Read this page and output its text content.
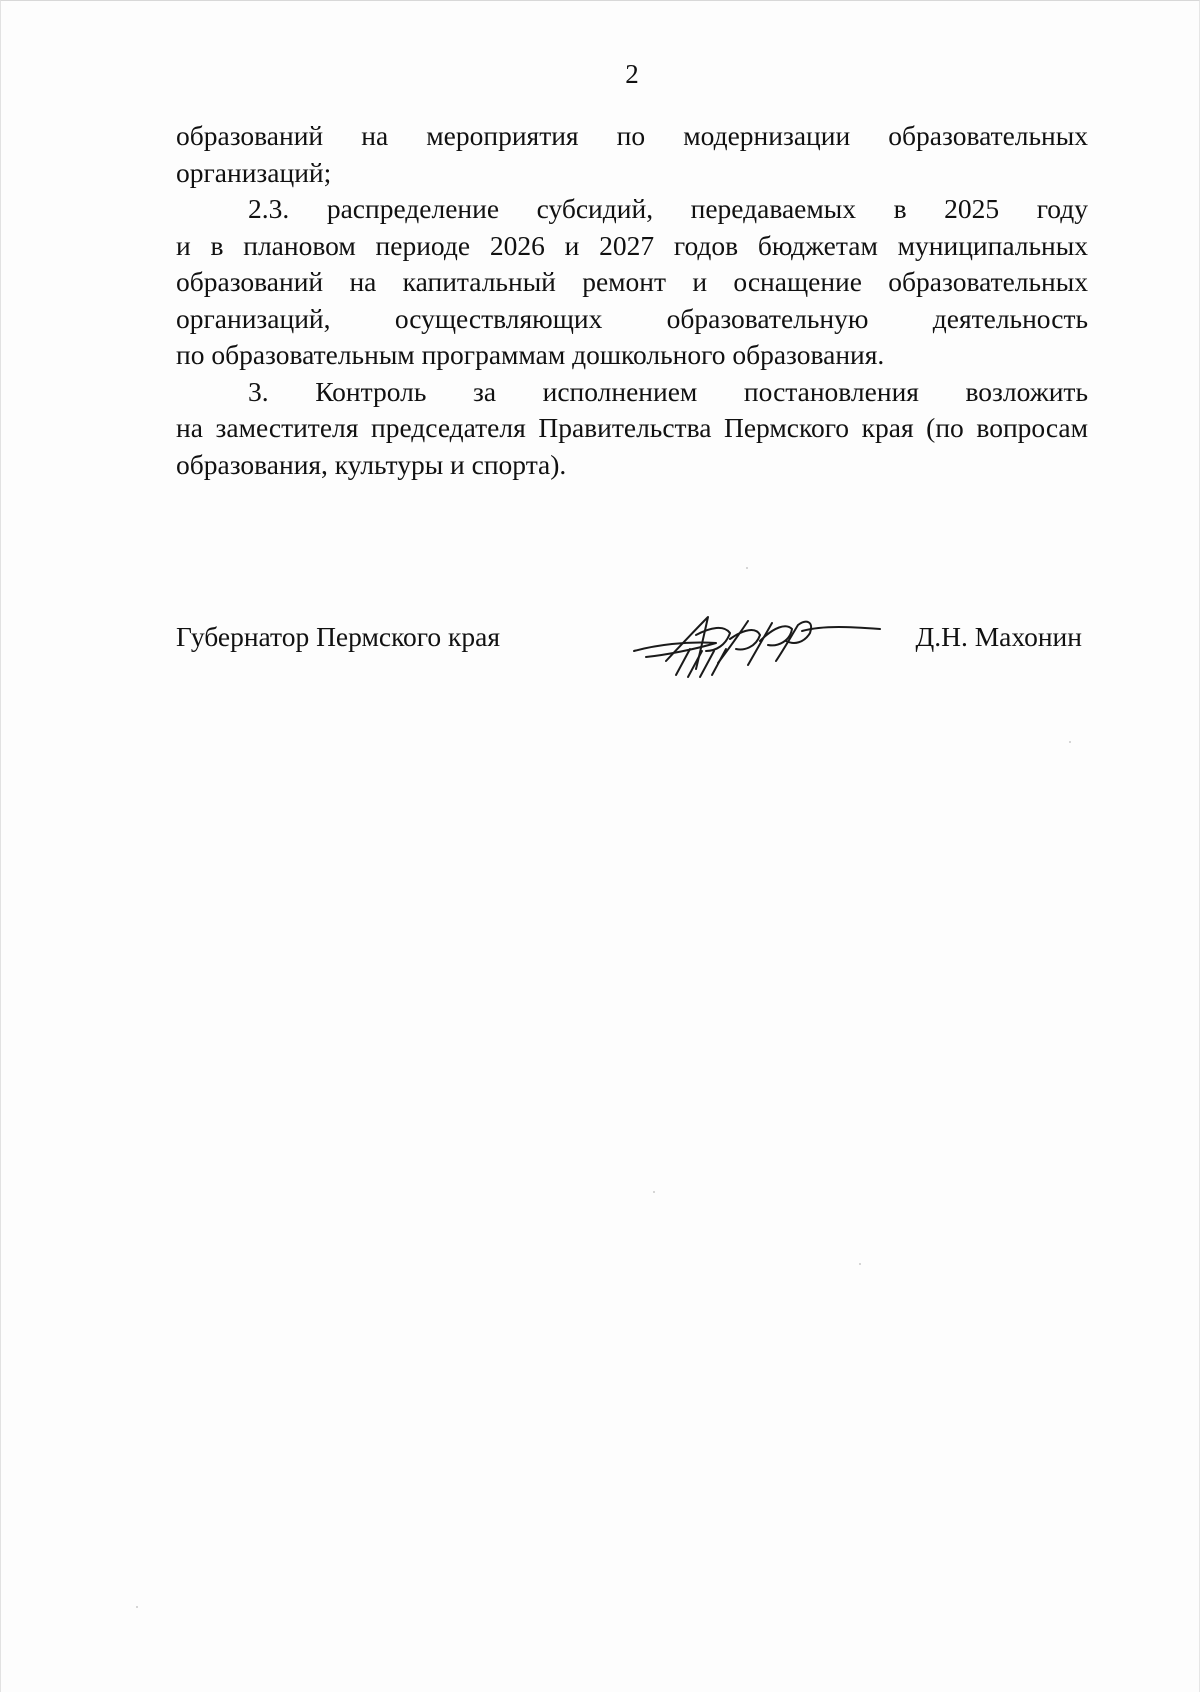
2

образований на мероприятия по модернизации образовательных
организаций;

2.3. распределение субсидий, передаваемых в 2025 году
и в плановом периоде 2026 и 2027 годов бюджетам муниципальных
образований на капитальный ремонт и оснащение образовательных
организаций, осуществляющих образовательную деятельность
по образовательным программам дошкольного образования.

3. Контроль за исполнением постановления возложить
на заместителя председателя Правительства Пермского края (по вопросам
образования, культуры и спорта).

Губернатор Пермского края	Д.Н. Махонин
